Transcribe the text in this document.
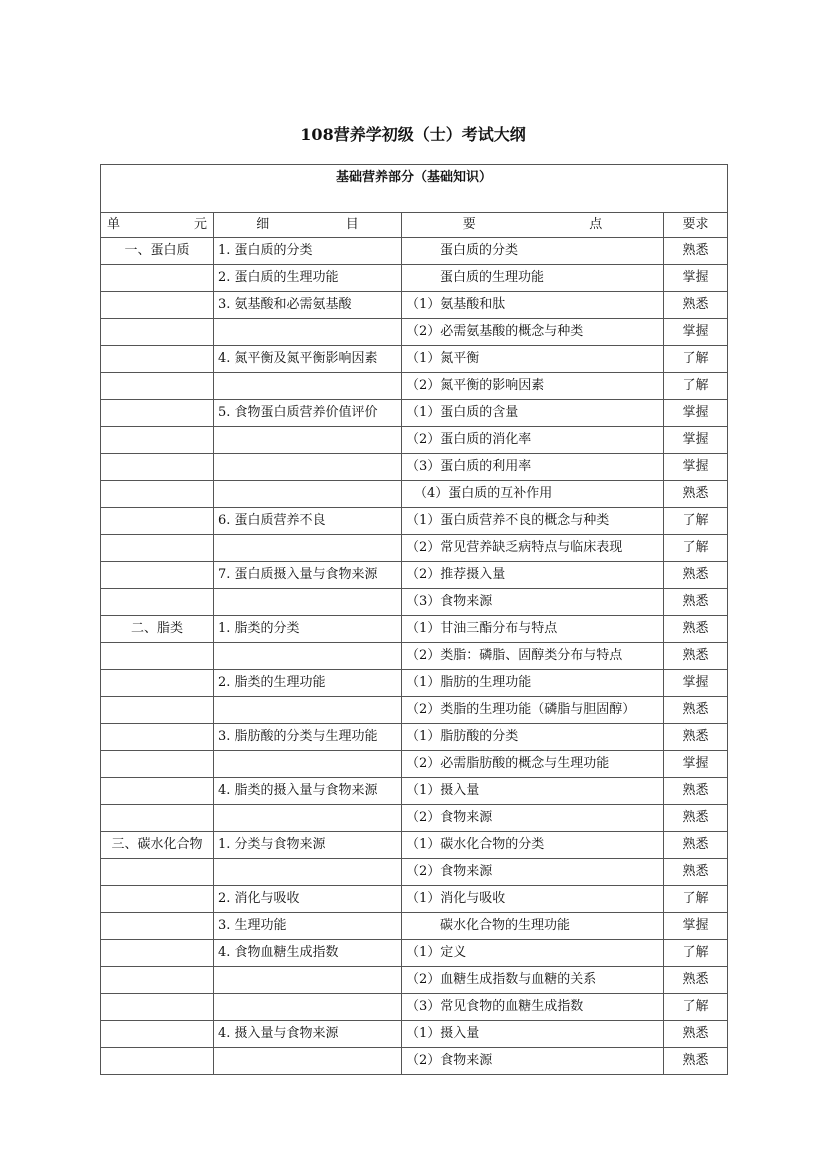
108营养学初级（士）考试大纲
基础营养部分（基础知识）			

单 元	细 目	要 点	要求
一、蛋白质	1. 蛋白质的分类	蛋白质的分类	熟悉
	2. 蛋白质的生理功能	蛋白质的生理功能	掌握
	3. 氨基酸和必需氨基酸	（1）氨基酸和肽	熟悉
		（2）必需氨基酸的概念与种类	掌握
	4. 氮平衡及氮平衡影响因素	（1）氮平衡	了解
		（2）氮平衡的影响因素	了解
	5. 食物蛋白质营养价值评价	（1）蛋白质的含量	掌握
		（2）蛋白质的消化率	掌握
		（3）蛋白质的利用率	掌握
		（4）蛋白质的互补作用	熟悉
	6. 蛋白质营养不良	（1）蛋白质营养不良的概念与种类	了解
		（2）常见营养缺乏病特点与临床表现	了解
	7. 蛋白质摄入量与食物来源	（2）推荐摄入量	熟悉
		（3）食物来源	熟悉
二、脂类	1. 脂类的分类	（1）甘油三酯分布与特点	熟悉
		（2）类脂：磷脂、固醇类分布与特点	熟悉
	2. 脂类的生理功能	（1）脂肪的生理功能	掌握
		（2）类脂的生理功能（磷脂与胆固醇）	熟悉
	3. 脂肪酸的分类与生理功能	（1）脂肪酸的分类	熟悉
		（2）必需脂肪酸的概念与生理功能	掌握
	4. 脂类的摄入量与食物来源	（1）摄入量	熟悉
		（2）食物来源	熟悉
三、碳水化合物	1. 分类与食物来源	（1）碳水化合物的分类	熟悉
		（2）食物来源	熟悉
	2. 消化与吸收	（1）消化与吸收	了解
	3. 生理功能	碳水化合物的生理功能	掌握
	4. 食物血糖生成指数	（1）定义	了解
		（2）血糖生成指数与血糖的关系	熟悉
		（3）常见食物的血糖生成指数	了解
	4. 摄入量与食物来源	（1）摄入量	熟悉
		（2）食物来源	熟悉
